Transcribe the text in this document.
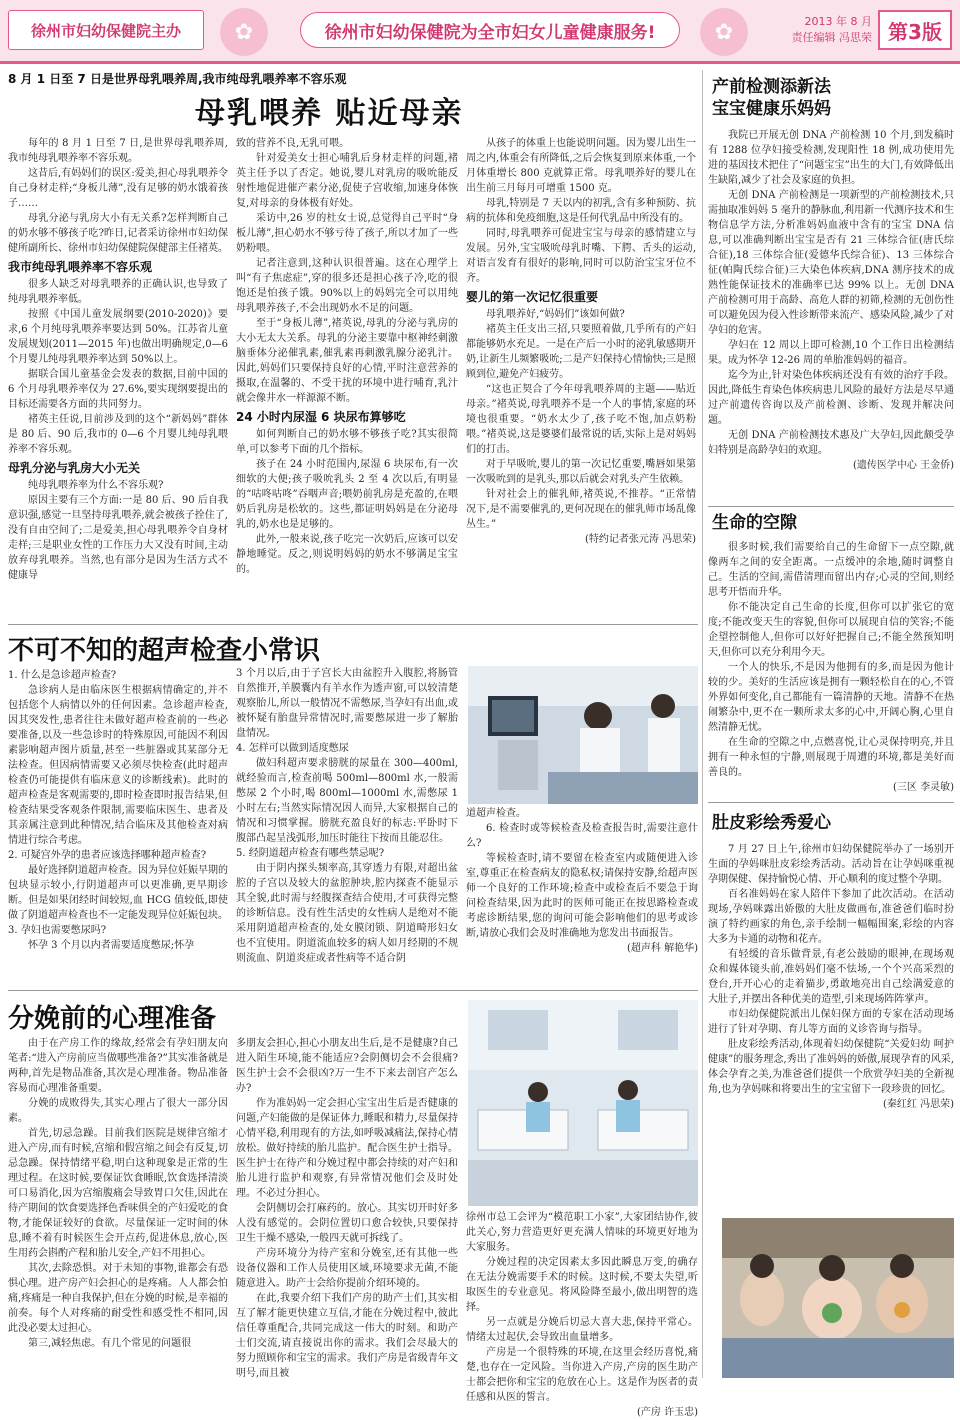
徐州市妇幼保健院主办	✿	徐州市妇幼保健院为全市妇女儿童健康服务!	✿	2013 年 8 月
责任编辑 冯思荣 第3版
8 月 1 日至 7 日是世界母乳喂养周,我市纯母乳喂养率不容乐观
母乳喂养 贴近母亲

每年的 8 月 1 日至 7 日,是世界母乳喂养周,我市纯母乳喂养率不容乐观。

这昔后,有妈妈们的误区:爱美,担心母乳喂养令自己身材走样;“身板儿薄”,没有足够的奶水饿着孩子……

母乳分泌与乳房大小有无关系?怎样判断自己的奶水够不够孩子吃?昨日,记者采访徐州市妇幼保健所副所长、徐州市妇幼保健院保健部主任褚英。

我市纯母乳喂养率不容乐观

很多人缺乏对母乳喂养的正确认识,也导致了纯母乳喂养率低。

按照《中国儿童发展纲要(2010-2020)》要求,6 个月纯母乳喂养率要达到 50%。江苏省儿童发展规划(2011—2015 年)也做出明确规定,0—6 个月婴儿纯母乳喂养率达到 50%以上。

据联合国儿童基金会发表的数据,目前中国的 6 个月母乳喂养率仅为 27.6%,要实现纲要提出的目标还需要各方面的共同努力。

褚英主任说,目前涉及到的这个“新妈妈”群体是 80 后、90 后,我市的 0—6 个月婴儿纯母乳喂养率不容乐观。

母乳分泌与乳房大小无关

纯母乳喂养率为什么不容乐观?

原因主要有三个方面:一是 80 后、90 后自我意识强,感觉一旦坚持母乳喂养,就会被孩子拴住了,没有自由空间了;二是爱美,担心母乳喂养令自身材走样;三是职业女性的工作压力大又没有时间,主动放弃母乳喂养。当然,也有部分是因为生活方式不健康导

致的营养不良,无乳可喂。

针对爱美女士担心哺乳后身材走样的问题,褚英主任予以了否定。她说,婴儿对乳房的吸吮能反射性地促进催产素分泌,促使子宫收缩,加速身体恢复,对母亲的身体极有好处。

采访中,26 岁的杜女士说,总觉得自己平时“身板儿薄”,担心奶水不够亏待了孩子,所以才加了一些奶粉喂。

记者注意到,这种认识很普遍。这在心理学上叫“有子焦虑症”,穿的很多还是担心孩子冷,吃的很饱还是怕孩子饿。90%以上的妈妈完全可以用纯母乳喂养孩子,不会出现奶水不足的问题。

至于“身板儿薄”,褚英说,母乳的分泌与乳房的大小无太大关系。母乳的分泌主要靠中枢神经刺激脑垂体分泌催乳素,催乳素再刺激乳腺分泌乳汁。因此,妈妈们只要保持良好的心情,平时注意营养的摄取,在温馨的、不受干扰的环境中进行哺育,乳汁就会像井水一样源源不断。

24 小时内尿湿 6 块尿布算够吃

如何判断自己的奶水够不够孩子吃?其实很简单,可以参考下面的几个指标。

孩子在 24 小时范围内,尿湿 6 块尿布,有一次细软的大便;孩子吸吮乳头 2 至 4 次以后,有明显的“咕咚咕咚”吞咽声音;喂奶前乳房是充盈的,在喂奶后乳房是松软的。这些,都证明妈妈是在分泌母乳的,奶水也是足够的。

此外,一般来说,孩子吃完一次奶后,应该可以安静地睡觉。反之,则说明妈妈的奶水不够满足宝宝的。

从孩子的体重上也能说明问题。因为婴儿出生一周之内,体重会有所降低,之后会恢复到原来体重,一个月体重增长 800 克就算正常。母乳喂养好的婴儿在出生前三月每月可增重 1500 克。

母乳,特别是 7 天以内的初乳,含有多种预防、抗病的抗体和免疫细胞,这是任何代乳品中所没有的。

同时,母乳喂养可促进宝宝与母亲的感情建立与发展。另外,宝宝吸吮母乳时嘴、下腭、舌头的运动,对语言发育有很好的影响,同时可以防治宝宝牙位不齐。

婴儿的第一次记忆很重要

母乳喂养好,“妈妈们”该如何做?

褚英主任支出三招,只要照着做,几乎所有的产妇都能够奶水充足。一是在产后一小时的泌乳敏感期开奶,让新生儿频繁吸吮;二是产妇保持心情愉快;三是照顾到位,避免产妇疲劳。

“这也正契合了今年母乳喂养周的主题——贴近母亲。”褚英说,母乳喂养不是一个人的事情,家庭的环境也很重要。“奶水太少了,孩子吃不饱,加点奶粉喂。”褚英说,这是婆婆们最常说的话,实际上是对妈妈们的打击。

对于早吸吮,婴儿的第一次记忆重要,嘴唇如果第一次吸吮到的是乳头,那以后就会对乳头产生依赖。

针对社会上的催乳师,褚英说,不推荐。“正常情况下,是不需要催乳的,更何况现在的催乳师市场乱像丛生。”

(特约记者张元涛 冯思荣)

产前检测添新法
宝宝健康乐妈妈

我院已开展无创 DNA 产前检测 10 个月,到发稿时有 1288 位孕妇接受检测,发现阳性 18 例,成功使用先进的基因技术把住了“问题宝宝”出生的大门,有效降低出生缺陷,减少了社会及家庭的负担。

无创 DNA 产前检测是一项新型的产前检测技术,只需抽取准妈妈 5 毫升的静脉血,利用新一代测序技术和生物信息学方法,分析准妈妈血液中含有的宝宝 DNA 信息,可以准确判断出宝宝是否有 21 三体综合征(唐氏综合征),18 三体综合征(爱德华氏综合征)、13 三体综合征(帕陶氏综合征)三大染色体疾病,DNA 测序技术的成熟性能保证技术的准确率已达 99% 以上。无创 DNA 产前检测可用于高龄、高危人群的初筛,检测的无创伤性可以避免因为侵入性诊断带来流产、感染风险,减少了对孕妇的危害。

孕妇在 12 周以上即可检测,10 个工作日出检测结果。成为怀孕 12-26 周的单胎准妈妈的福音。

迄今为止,针对染色体疾病还没有有效的治疗手段。因此,降低生育染色体疾病患儿风险的最好方法是尽早通过产前遗传咨询以及产前检测、诊断、发现并解决问题。

无创 DNA 产前检测技术惠及广大孕妇,因此颇受孕妇特别是高龄孕妇的欢迎。

(遗传医学中心 王金侨)

生命的空隙

很多时候,我们需要给自己的生命留下一点空隙,就像两车之间的安全距离。一点缓冲的余地,随时调整自己。生活的空间,需借清理而留出内存;心灵的空间,则经思考开悟而升华。

你不能决定自己生命的长度,但你可以扩张它的宽度;不能改变天生的容貌,但你可以展现自信的笑容;不能企望控制他人,但你可以好好把握自己;不能全然预知明天,但你可以充分利用今天。

一个人的快乐,不是因为他拥有的多,而是因为他计较的少。美好的生活应该是拥有一颗轻松自在的心,不管外界如何变化,自己都能有一篇清静的天地。清静不在热闹繁杂中,更不在一颗所求太多的心中,开阔心胸,心里自然清静无忧。

在生命的空隙之中,点燃喜悦,让心灵保持明亮,并且拥有一种永恒的宁静,则展现于周遭的环境,都是美好而善良的。

(三区 李灵敏)

肚皮彩绘秀爱心

7 月 27 日上午,徐州市妇幼保健院举办了一场别开生面的孕妈咪肚皮彩绘秀活动。活动旨在让孕妈咪重视孕期保健、保持愉悦心情、开心顺利的度过整个孕期。

百名准妈妈在家人陪伴下参加了此次活动。在活动现场,孕妈咪露出娇傲的大肚皮做画布,准爸爸们临时扮演了特约画家的角色,亲手绘制一幅幅围案,彩绘的内容大多为卡通的动物和花卉。

有轻缓的音乐做背景,有老公鼓励的眼神,在现场观众和媒体镜头前,准妈妈们毫不怯场,一个个兴高采烈的登台,开开心心的走着猫步,勇敢地亮出自己绘满爱意的大肚子,并摆出各种优美的造型,引来现场阵阵掌声。

市妇幼保健院派出儿保妇保方面的专家在活动现场进行了针对孕期、育儿等方面的义诊咨询与指导。

肚皮彩绘秀活动,体现着妇幼保健院“关爱妇幼 呵护健康”的服务理念,秀出了准妈妈的娇傲,展现孕育的风采,体会孕育之美,为准爸爸们提供一个欣赏孕妇美的全新视角,也为孕妈咪和将要出生的宝宝留下一段珍贵的回忆。

(秦红红 冯思荣)

不可不知的超声检查小常识

1. 什么是急诊超声检查?

急诊病人是由临床医生根据病情确定的,并不包括您个人病情以外的任何因素。急诊超声检查,因其突发性,患者往往未做好超声检查前的一些必要准备,以及一些急诊时的特殊原因,可能因不利因素影响超声图片质量,甚至一些脏器或其某部分无法检查。但因病情需要又必须尽快检查(此时超声检查仍可能提供有临床意义的诊断线索)。此时的超声检查是客观需要的,即时检查即时报告结果,但检查结果受客观条件限制,需要临床医生、患者及其亲属注意到此种情况,结合临床及其他检查对病情进行综合考虑。

2. 可疑宫外孕的患者应该选择哪种超声检查?

最好选择阴道超声检查。因为异位妊娠早期的包块显示较小,行阴道超声可以更准确,更早期诊断。但是如果闭经时间较短,血 HCG 值较低,即使做了阴道超声检查也不一定能发现异位妊娠包块。

3. 孕妇也需要憋尿吗?

怀孕 3 个月以内者需要适度憋尿;怀孕

3 个月以后,由于子宫长大由盆腔升入腹腔,将肠管自然推开,羊膜囊内有羊水作为透声窗,可以较清楚观察胎儿,所以一般情况不需憋尿,当孕妇有出血,或被怀疑有胎盘异常情况时,需要憋尿进一步了解胎盘情况。

4. 怎样可以做到适度憋尿

做妇科超声要求膀胱的尿量在 300—400ml,就经验而言,检查前喝 500ml—800ml 水,一般需憋尿 2 个小时,喝 800ml—1000ml 水,需憋尿 1 小时左右;当然实际情况因人而异,大家根据自己的情况和习惯掌握。膀胱充盈良好的标志:平卧时下腹部凸起呈浅弧形,加压时能往下按而且能忍住。

5. 经阴道超声检查有哪些禁忌呢?

由于阴内探头频率高,其穿透力有限,对超出盆腔的子宫以及较大的盆腔肿块,腔内探查不能显示其全貌,此时需与经腹探查结合使用,才可获得完整的诊断信息。没有性生活史的女性病人是绝对不能采用阴道超声检查的,处女膜闭锁、阴道畸形妇女也不宜使用。阴道流血较多的病人如月经期的不规则流血、阴道炎症或者性病等不适合阴

道超声检查。

6. 检查时或等候检查及检查报告时,需要注意什么?

等候检查时,请不要留在检查室内或随便进入诊室,尊重正在检查病友的隐私权;请保持安静,给超声医师一个良好的工作环境;检查中或检查后不要急于询问检查结果,因为此时的医师可能正在按思路检查或考虑诊断结果,您的询问可能会影响他们的思考或诊断,请放心我们会及时准确地为您发出书面报告。

(超声科 解艳华)

分娩前的心理准备

由于在产房工作的缘故,经常会有孕妇朋友向笔者:“进入产房前应当做哪些准备?”其实准备就是两种,首先是物品准备,其次是心理准备。物品准备容易而心理准备重要。

分娩的成败得失,其实心理占了很大一部分因素。

首先,切忌急躁。目前我们医院是规律宫缩才进入产房,而有时候,宫缩和假宫缩之间会有反复,切忌急躁。保持情绪平稳,明白这种现象是正常的生理过程。在这时候,要保证饮食睡眠,饮食选择清淡可口易消化,因为宫缩腹痛会导致胃口欠佳,因此在待产期间的饮食要选择色香味俱全的产妇爱吃的食物,才能保证较好的食欲。尽量保证一定时间的休息,睡不着有时候医生会开点药,促进休息,放心,医生用药会斟酌产程和胎儿安全,产妇不用担心。

其次,去除恐惧。对于未知的事物,谁都会有恐惧心理。进产房产妇会担心的是疼痛。人人都会怕痛,疼痛是一种自我保护,但在分娩的时候,是幸福的前奏。每个人对疼痛的耐受性和感受性不相同,因此没必要太过担心。

第三,减轻焦虑。有几个常见的问题很

多朋友会担心,担心小朋友出生后,是不是健康?自己进入陌生环境,能不能适应?会阴侧切会不会很痛?医生护士会不会很凶?万一生不下来去剖宫产怎么办?

作为准妈妈一定会担心宝宝出生后是否健康的问题,产妇能做的是保证体力,睡眠和精力,尽量保持心情平稳,利用现有的方法,如呼吸减痛法,保持心情放松。做好持续的胎儿监护。配合医生护士指导。医生护士在待产和分娩过程中都会持续的对产妇和胎儿进行监护和观察,有异常情况他们会及时处理。不必过分担心。

会阴侧切会打麻药的。放心。其实切开时好多人没有感觉的。会阴位置切口愈合较快,只要保持卫生干燥不感染,一般四天就可拆线了。

产房环境分为待产室和分娩室,还有其他一些设备仪器和工作人员使用区域,环境要求无菌,不能随意进入。助产士会给你提前介绍环境的。

在此,我要介绍下我们产房的助产士们,其实相互了解才能更快建立互信,才能在分娩过程中,彼此信任尊重配合,共同完成这一伟大的时刻。和助产士们交流,请直接说出你的需求。我们会尽最大的努力照顾你和宝宝的需求。我们产房是省级青年文明号,而且被

徐州市总工会评为“模范职工小家”,大家团结协作,彼此关心,努力营造更好更充满人情味的环境更好地为大家服务。

分娩过程的决定因素太多因此瞬息万变,的确存在无法分娩需要手术的时候。这时候,不要太失望,听取医生的专业意见。将风险降至最小,做出明智的选择。

另一点就是分娩后切忌大喜大悲,保持平常心。情绪太过起伏,会导致出血量增多。

产房是一个很特殊的环境,在这里会经历喜悦,痛楚,也存在一定风险。当你进入产房,产房的医生助产士都会把你和宝宝的危放在心上。这是作为医者的责任感和从医的誓言。

(产房 许玉忠)
